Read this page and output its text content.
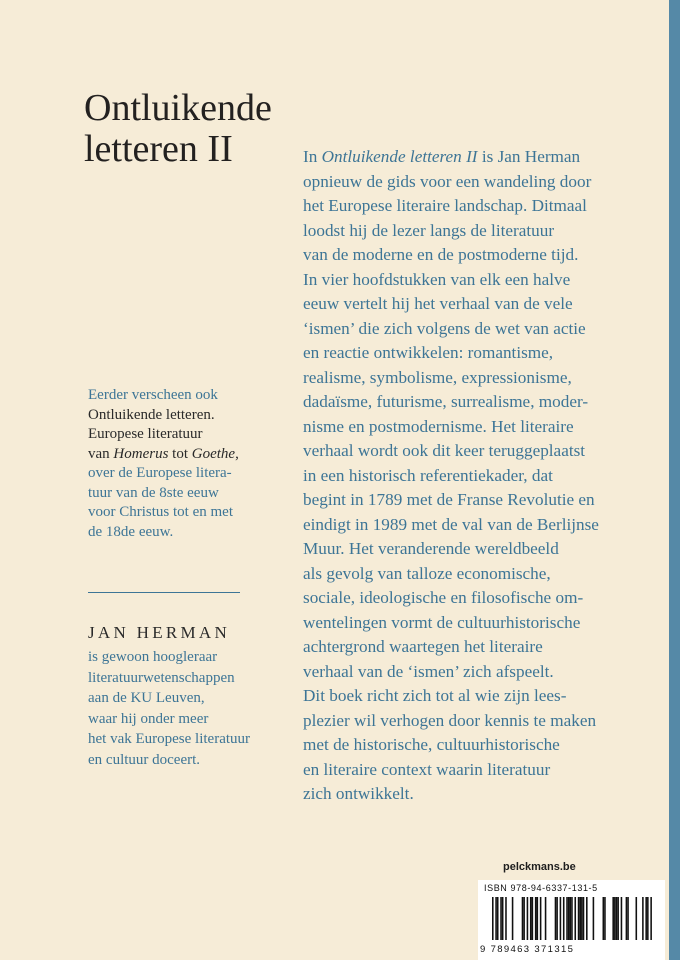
Ontluikende
letteren II	In Ontluikende letteren II is Jan Herman
opnieuw de gids voor een wandeling door
het Europese literaire landschap. Ditmaal
loodst hij de lezer langs de literatuur
van de moderne en de postmoderne tijd.
In vier hoofdstukken van elk een halve
eeuw vertelt hij het verhaal van de vele
‘ismen’ die zich volgens de wet van actie
en reactie ontwikkelen: romantisme,
realisme, symbolisme, expressionisme,
dadaïsme, futurisme, surrealisme, moder-
nisme en postmodernisme. Het literaire
verhaal wordt ook dit keer teruggeplaatst
in een historisch referentiekader, dat
begint in 1789 met de Franse Revolutie en
eindigt in 1989 met de val van de Berlijnse
Muur. Het veranderende wereldbeeld
als gevolg van talloze economische,
sociale, ideologische en filosofische om-
wentelingen vormt de cultuurhistorische
achtergrond waartegen het literaire
verhaal van de ‘ismen’ zich afspeelt.
Dit boek richt zich tot al wie zijn lees-
plezier wil verhogen door kennis te maken
met de historische, cultuurhistorische
en literaire context waarin literatuur
zich ontwikkelt.
Eerder verscheen ook
Ontluikende letteren.
Europese literatuur
van Homerus tot Goethe,
over de Europese litera-
tuur van de 8ste eeuw
voor Christus tot en met
de 18de eeuw.
JAN HERMAN
is gewoon hoogleraar
literatuurwetenschappen
aan de KU Leuven,
waar hij onder meer
het vak Europese literatuur
en cultuur doceert.
pelckmans.be
ISBN 978-94-6337-131-5
9 789463 371315
